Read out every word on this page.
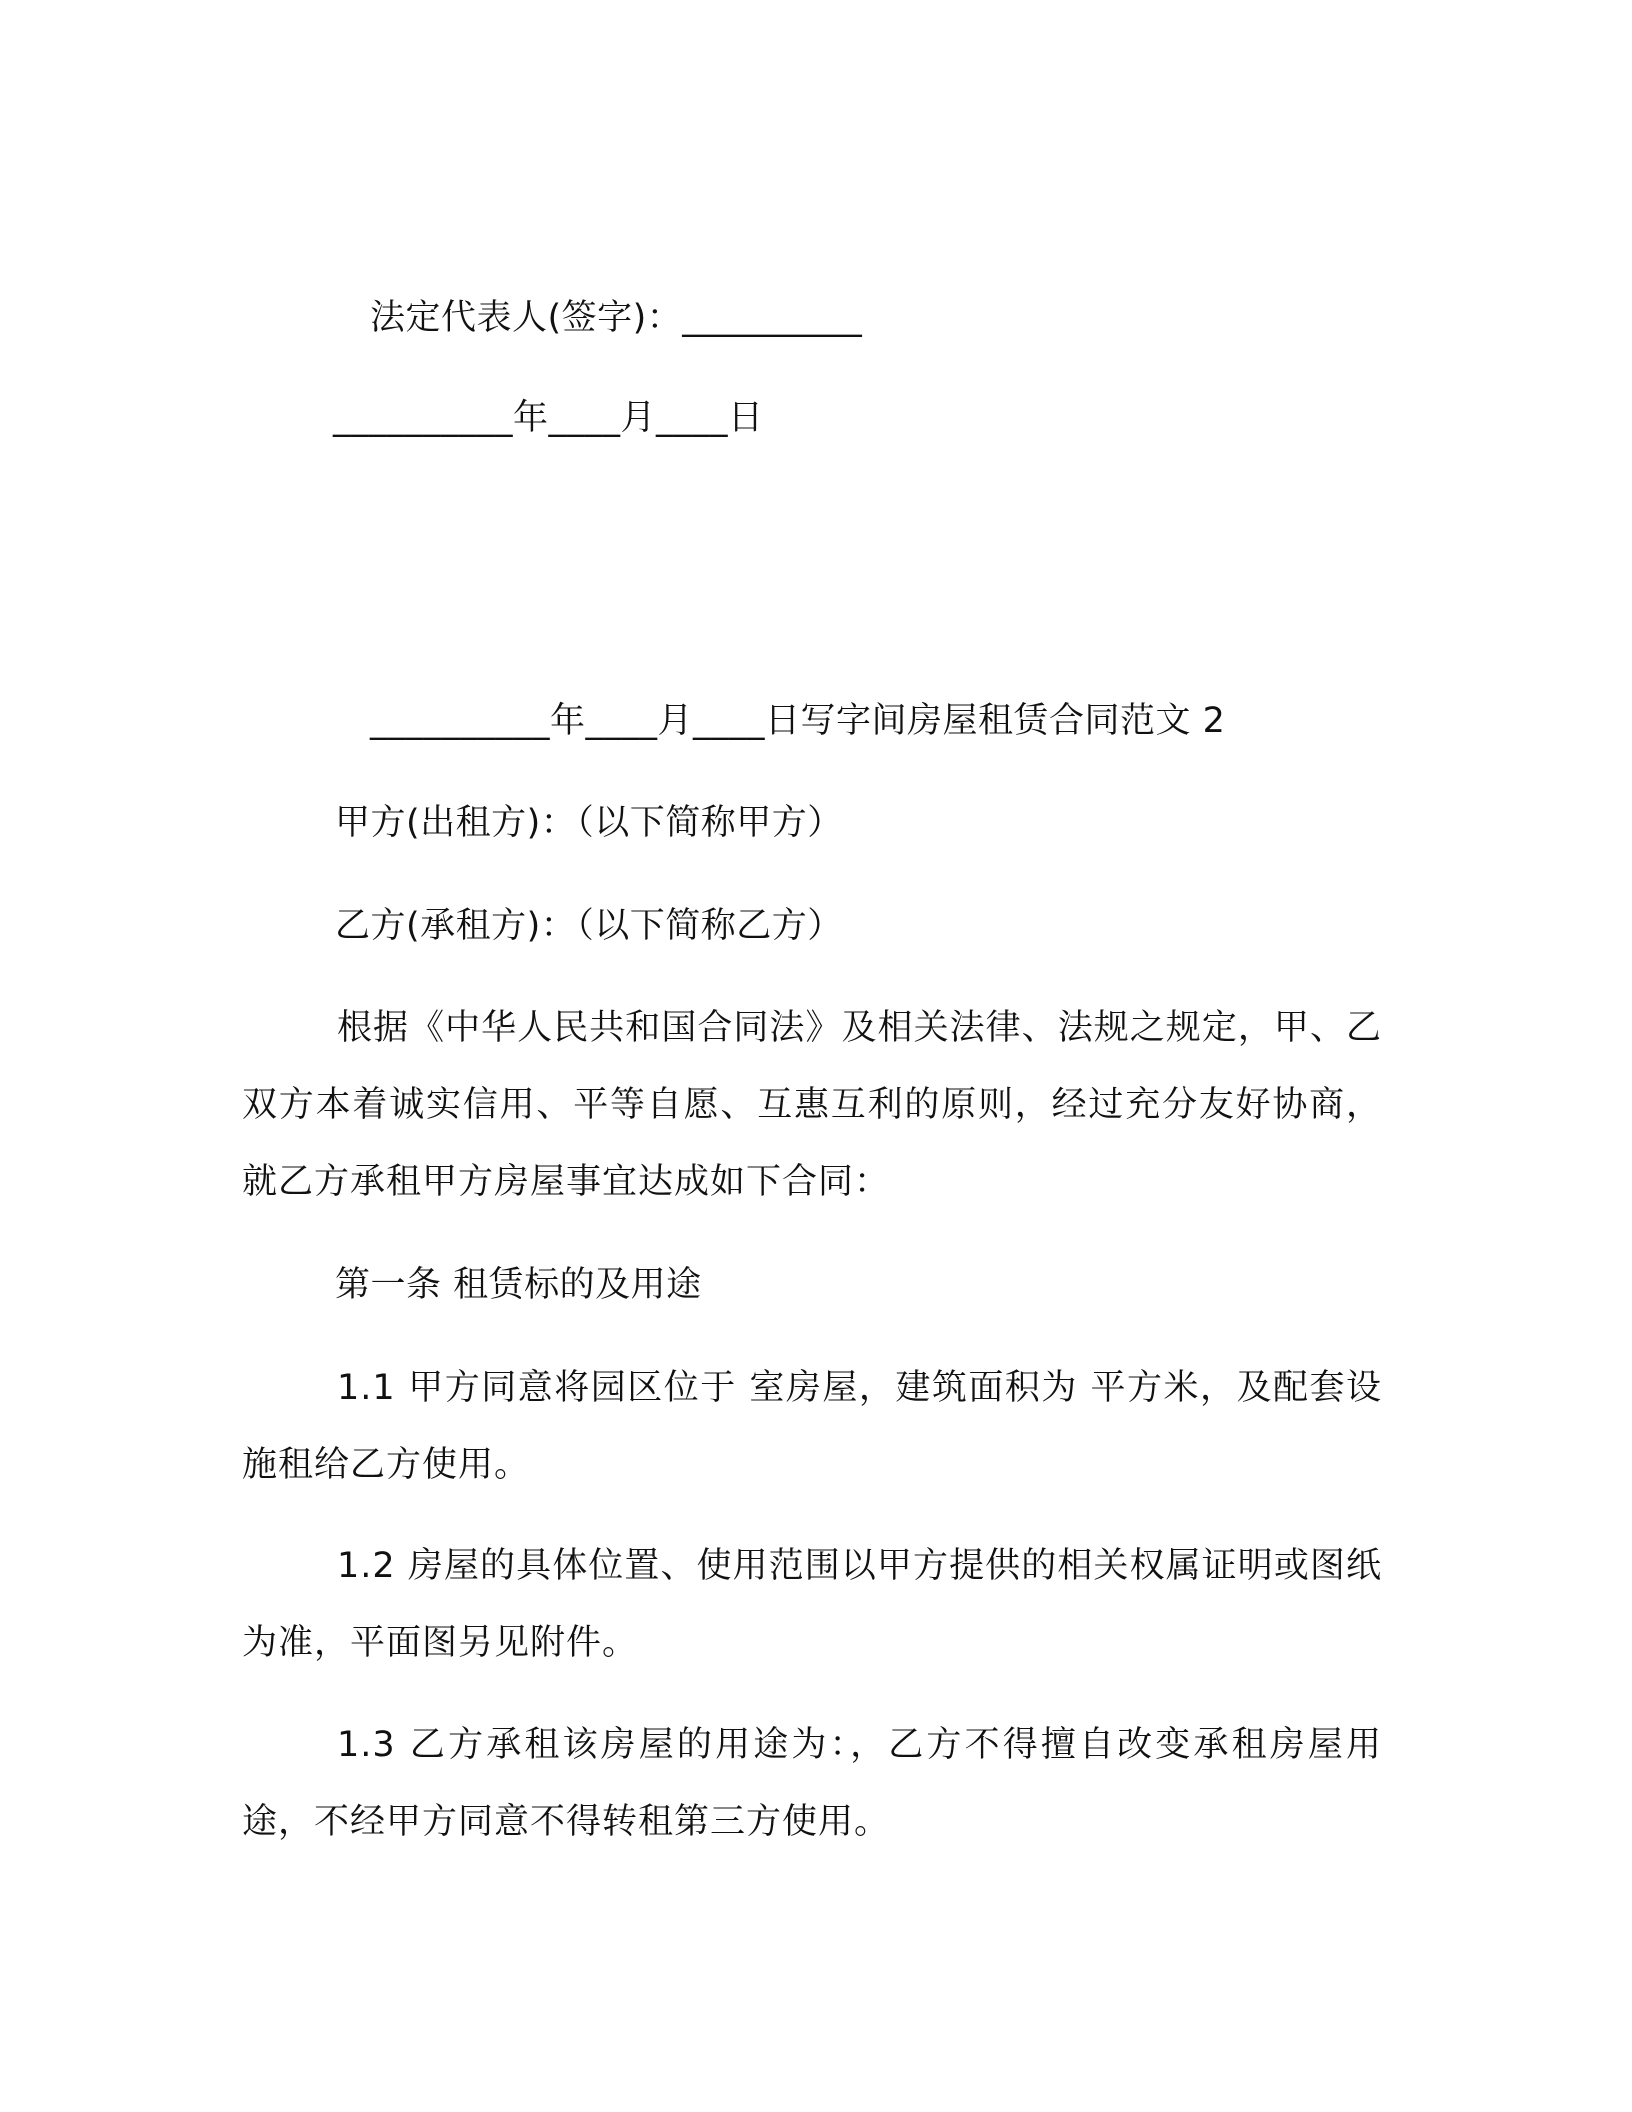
法定代表人(签字)：__________
__________年____月____日
__________年____月____日写字间房屋租赁合同范文 2
甲方(出租方)：（以下简称甲方）
乙方(承租方)：（以下简称乙方）
根据《中华人民共和国合同法》及相关法律、法规之规定，甲、乙双方本着诚实信用、平等自愿、互惠互利的原则，经过充分友好协商，就乙方承租甲方房屋事宜达成如下合同：
第一条 租赁标的及用途
1.1 甲方同意将园区位于 室房屋，建筑面积为 平方米，及配套设施租给乙方使用。
1.2 房屋的具体位置、使用范围以甲方提供的相关权属证明或图纸为准，平面图另见附件。
1.3 乙方承租该房屋的用途为：，乙方不得擅自改变承租房屋用途，不经甲方同意不得转租第三方使用。
